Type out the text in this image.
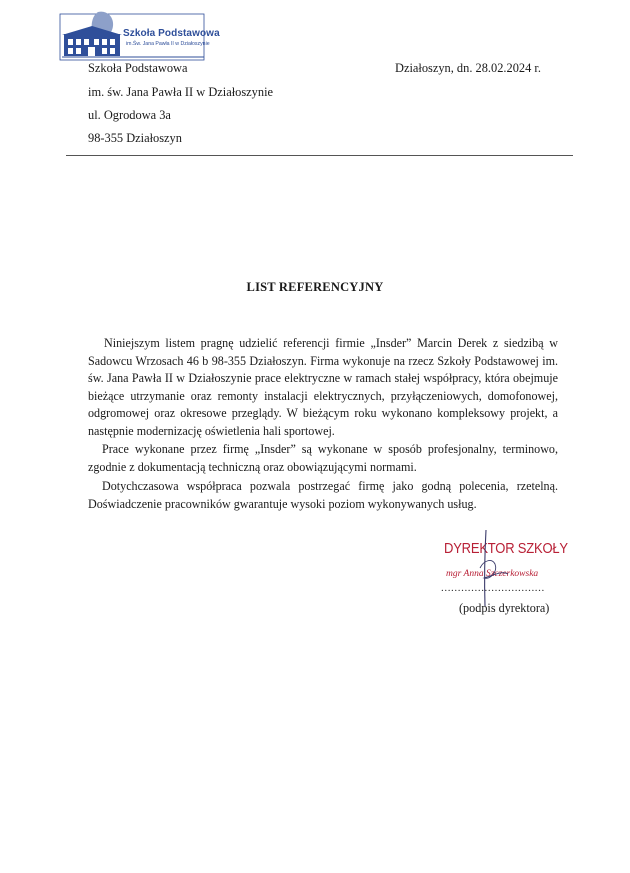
Szkoła Podstawowa
im.Św. Jana Pawła II w Działoszynie
Szkoła Podstawowa
im. św. Jana Pawła II w Działoszynie
ul. Ogrodowa 3a
98-355 Działoszyn
Działoszyn, dn. 28.02.2024 r.
LIST REFERENCYJNY

Niniejszym listem pragnę udzielić referencji firmie „Insder” Marcin Derek z siedzibą w Sadowcu Wrzosach 46 b 98-355 Działoszyn. Firma wykonuje na rzecz Szkoły Podstawowej im. św. Jana Pawła II w Działoszynie prace elektryczne w ramach stałej współpracy, która obejmuje bieżące utrzymanie oraz remonty instalacji elektrycznych, przyłączeniowych, domofonowej, odgromowej oraz okresowe przeglądy. W bieżącym roku wykonano kompleksowy projekt, a następnie modernizację oświetlenia hali sportowej.

Prace wykonane przez firmę „Insder” są wykonane w sposób profesjonalny, terminowo, zgodnie z dokumentacją techniczną oraz obowiązującymi normami.

Dotychczasowa współpraca pozwala postrzegać firmę jako godną polecenia, rzetelną. Doświadczenie pracowników gwarantuje wysoki poziom wykonywanych usług.

DYREKTOR SZKOŁY
mgr Anna Szczerkowska
...............................
(podpis dyrektora)
